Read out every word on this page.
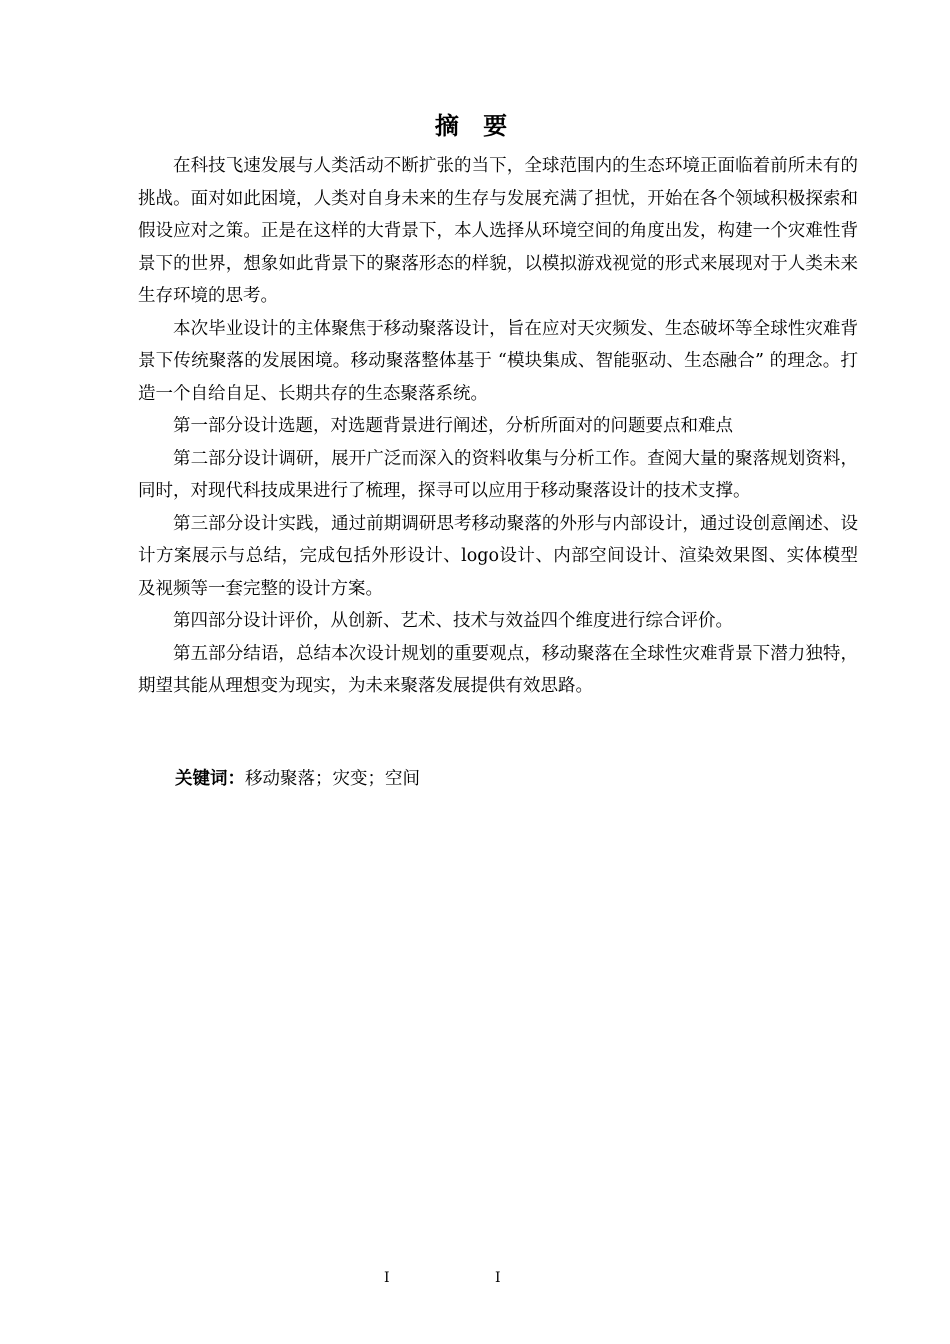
摘 要

在科技飞速发展与人类活动不断扩张的当下，全球范围内的生态环境正面临着前所未有的挑战。面对如此困境，人类对自身未来的生存与发展充满了担忧，开始在各个领域积极探索和假设应对之策。正是在这样的大背景下，本人选择从环境空间的角度出发，构建一个灾难性背景下的世界，想象如此背景下的聚落形态的样貌，以模拟游戏视觉的形式来展现对于人类未来生存环境的思考。

本次毕业设计的主体聚焦于移动聚落设计，旨在应对天灾频发、生态破坏等全球性灾难背景下传统聚落的发展困境。移动聚落整体基于 “模块集成、智能驱动、生态融合” 的理念。打造一个自给自足、长期共存的生态聚落系统。

第一部分设计选题，对选题背景进行阐述，分析所面对的问题要点和难点

第二部分设计调研，展开广泛而深入的资料收集与分析工作。查阅大量的聚落规划资料，同时，对现代科技成果进行了梳理，探寻可以应用于移动聚落设计的技术支撑。

第三部分设计实践，通过前期调研思考移动聚落的外形与内部设计，通过设创意阐述、设计方案展示与总结，完成包括外形设计、logo设计、内部空间设计、渲染效果图、实体模型及视频等一套完整的设计方案。

第四部分设计评价，从创新、艺术、技术与效益四个维度进行综合评价。

第五部分结语，总结本次设计规划的重要观点，移动聚落在全球性灾难背景下潜力独特，期望其能从理想变为现实，为未来聚落发展提供有效思路。

关键词：移动聚落；灾变；空间
I	I
